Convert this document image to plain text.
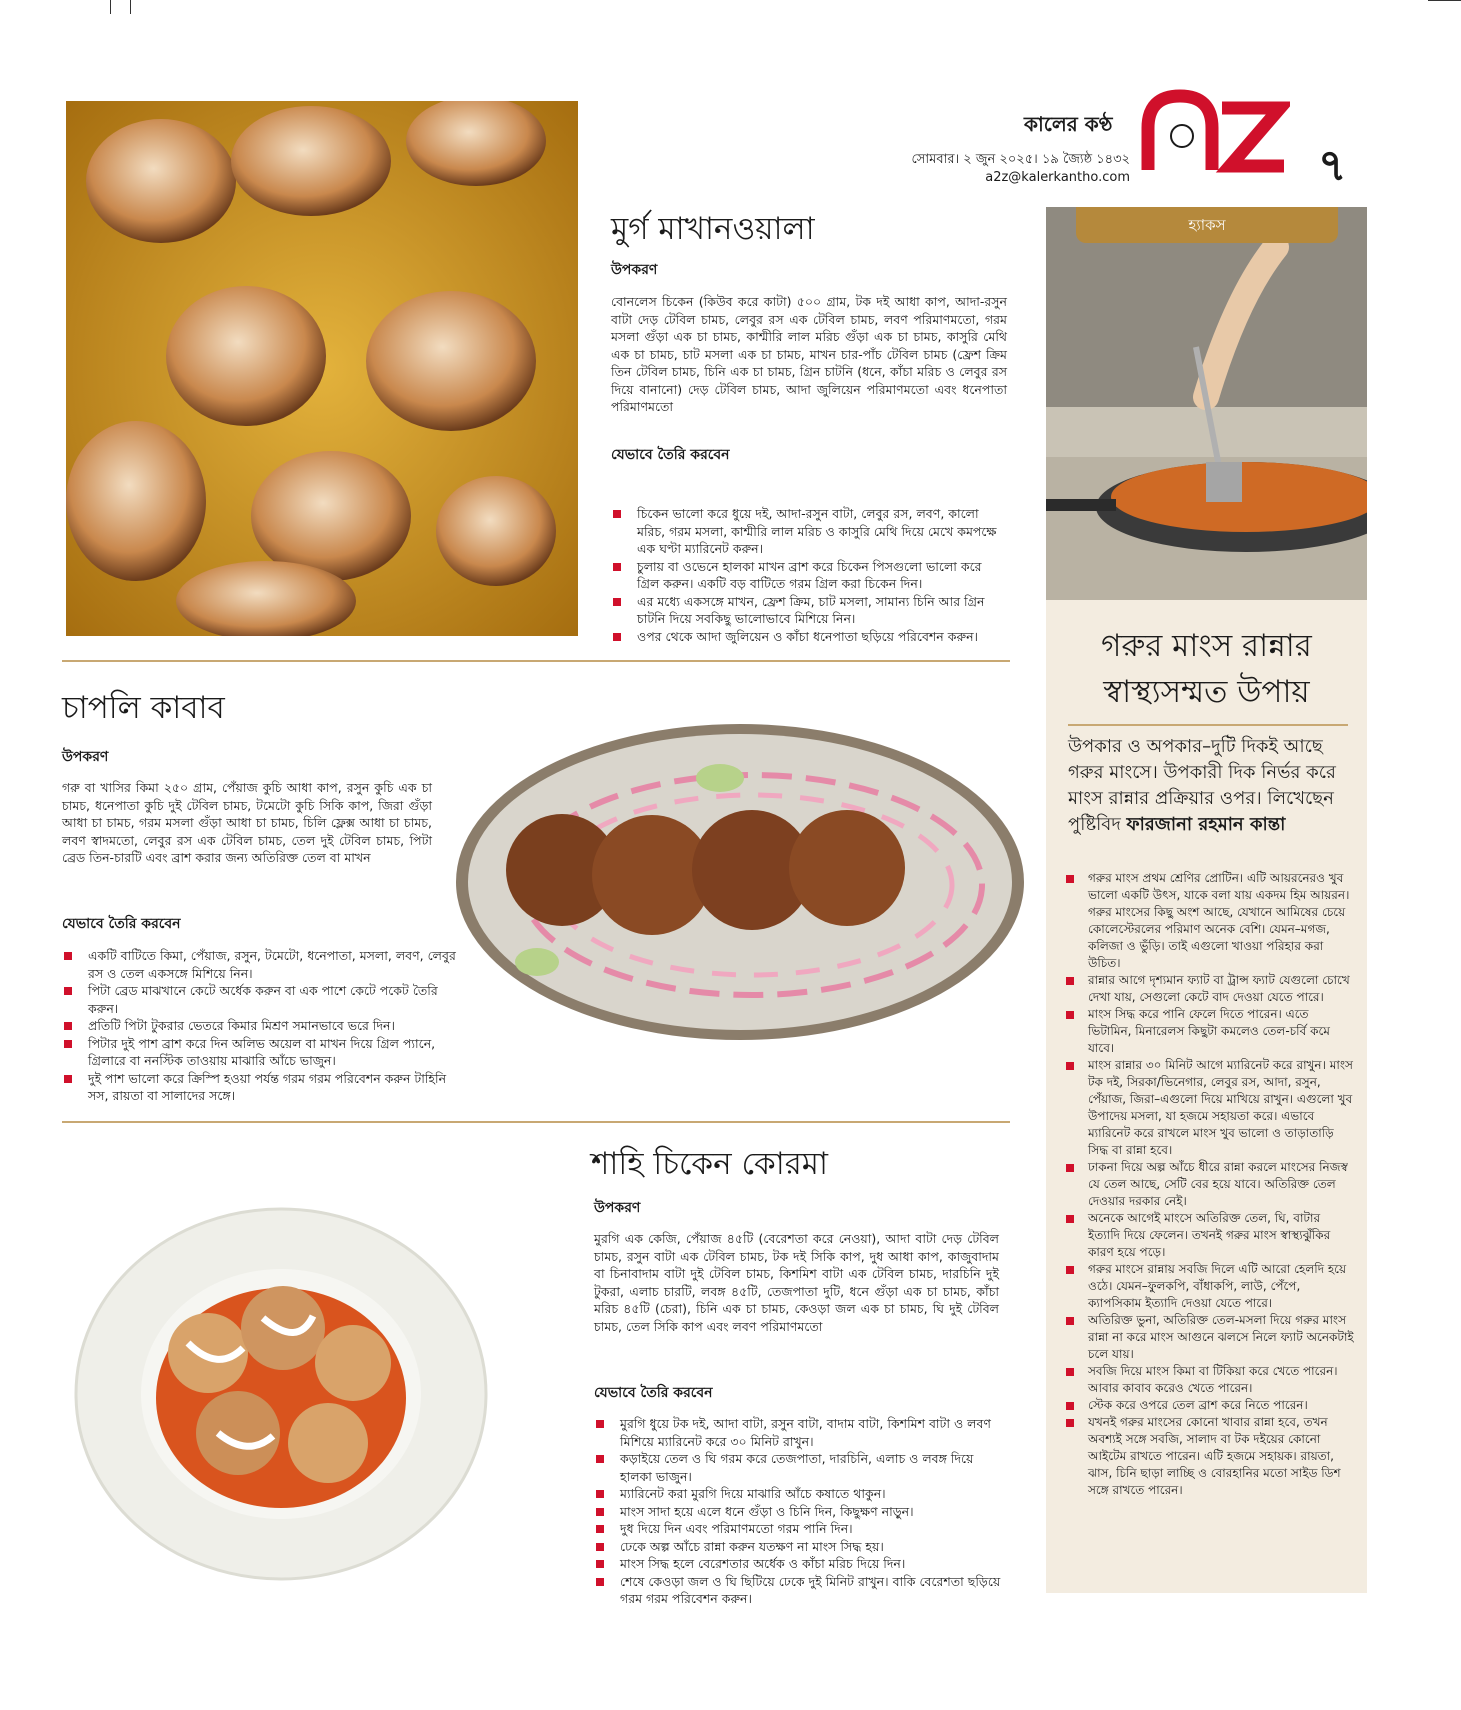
কালের কণ্ঠ
সোমবার। ২ জুন ২০২৫। ১৯ জ্যৈষ্ঠ ১৪৩২
a2z@kalerkantho.com	৭
মুর্গ মাখানওয়ালা
উপকরণ
বোনলেস চিকেন (কিউব করে কাটা) ৫০০ গ্রাম, টক দই আধা কাপ, আদা-রসুন বাটা দেড় টেবিল চামচ, লেবুর রস এক টেবিল চামচ, লবণ পরিমাণমতো, গরম মসলা গুঁড়া এক চা চামচ, কাশ্মীরি লাল মরিচ গুঁড়া এক চা চামচ, কাসুরি মেথি এক চা চামচ, চাট মসলা এক চা চামচ, মাখন চার-পাঁচ টেবিল চামচ (ফ্রেশ ক্রিম তিন টেবিল চামচ, চিনি এক চা চামচ, গ্রিন চাটনি (ধনে, কাঁচা মরিচ ও লেবুর রস দিয়ে বানানো) দেড় টেবিল চামচ, আদা জুলিয়েন পরিমাণমতো এবং ধনেপাতা পরিমাণমতো
যেভাবে তৈরি করবেন
চিকেন ভালো করে ধুয়ে দই, আদা-রসুন বাটা, লেবুর রস, লবণ, কালো মরিচ, গরম মসলা, কাশ্মীরি লাল মরিচ ও কাসুরি মেথি দিয়ে মেখে কমপক্ষে এক ঘণ্টা ম্যারিনেট করুন।
চুলায় বা ওভেনে হালকা মাখন ব্রাশ করে চিকেন পিসগুলো ভালো করে গ্রিল করুন। একটি বড় বাটিতে গরম গ্রিল করা চিকেন দিন।
এর মধ্যে একসঙ্গে মাখন, ফ্রেশ ক্রিম, চাট মসলা, সামান্য চিনি আর গ্রিন চাটনি দিয়ে সবকিছু ভালোভাবে মিশিয়ে নিন।
ওপর থেকে আদা জুলিয়েন ও কাঁচা ধনেপাতা ছড়িয়ে পরিবেশন করুন।
চাপলি কাবাব
উপকরণ
গরু বা খাসির কিমা ২৫০ গ্রাম, পেঁয়াজ কুচি আধা কাপ, রসুন কুচি এক চা চামচ, ধনেপাতা কুচি দুই টেবিল চামচ, টমেটো কুচি সিকি কাপ, জিরা গুঁড়া আধা চা চামচ, গরম মসলা গুঁড়া আধা চা চামচ, চিলি ফ্লেক্স আধা চা চামচ, লবণ স্বাদমতো, লেবুর রস এক টেবিল চামচ, তেল দুই টেবিল চামচ, পিটা ব্রেড তিন-চারটি এবং ব্রাশ করার জন্য অতিরিক্ত তেল বা মাখন
যেভাবে তৈরি করবেন
একটি বাটিতে কিমা, পেঁয়াজ, রসুন, টমেটো, ধনেপাতা, মসলা, লবণ, লেবুর রস ও তেল একসঙ্গে মিশিয়ে নিন।
পিটা ব্রেড মাঝখানে কেটে অর্ধেক করুন বা এক পাশে কেটে পকেট তৈরি করুন।
প্রতিটি পিটা টুকরার ভেতরে কিমার মিশ্রণ সমানভাবে ভরে দিন।
পিটার দুই পাশ ব্রাশ করে দিন অলিভ অয়েল বা মাখন দিয়ে গ্রিল প্যানে, গ্রিলারে বা ননস্টিক তাওয়ায় মাঝারি আঁচে ভাজুন।
দুই পাশ ভালো করে ক্রিস্পি হওয়া পর্যন্ত গরম গরম পরিবেশন করুন টাহিনি সস, রায়তা বা সালাদের সঙ্গে।
শাহি চিকেন কোরমা
উপকরণ
মুরগি এক কেজি, পেঁয়াজ ৪৫টি (বেরেশতা করে নেওয়া), আদা বাটা দেড় টেবিল চামচ, রসুন বাটা এক টেবিল চামচ, টক দই সিকি কাপ, দুধ আধা কাপ, কাজুবাদাম বা চিনাবাদাম বাটা দুই টেবিল চামচ, কিশমিশ বাটা এক টেবিল চামচ, দারচিনি দুই টুকরা, এলাচ চারটি, লবঙ্গ ৪৫টি, তেজপাতা দুটি, ধনে গুঁড়া এক চা চামচ, কাঁচা মরিচ ৪৫টি (চেরা), চিনি এক চা চামচ, কেওড়া জল এক চা চামচ, ঘি দুই টেবিল চামচ, তেল সিকি কাপ এবং লবণ পরিমাণমতো
যেভাবে তৈরি করবেন
মুরগি ধুয়ে টক দই, আদা বাটা, রসুন বাটা, বাদাম বাটা, কিশমিশ বাটা ও লবণ মিশিয়ে ম্যারিনেট করে ৩০ মিনিট রাখুন।
কড়াইয়ে তেল ও ঘি গরম করে তেজপাতা, দারচিনি, এলাচ ও লবঙ্গ দিয়ে হালকা ভাজুন।
ম্যারিনেট করা মুরগি দিয়ে মাঝারি আঁচে কষাতে থাকুন।
মাংস সাদা হয়ে এলে ধনে গুঁড়া ও চিনি দিন, কিছুক্ষণ নাড়ুন।
দুধ দিয়ে দিন এবং পরিমাণমতো গরম পানি দিন।
ঢেকে অল্প আঁচে রান্না করুন যতক্ষণ না মাংস সিদ্ধ হয়।
মাংস সিদ্ধ হলে বেরেশতার অর্ধেক ও কাঁচা মরিচ দিয়ে দিন।
শেষে কেওড়া জল ও ঘি ছিটিয়ে ঢেকে দুই মিনিট রাখুন। বাকি বেরেশতা ছড়িয়ে গরম গরম পরিবেশন করুন।
হ্যাকস
গরুর মাংস রান্নার
স্বাস্থ্যসম্মত উপায়
উপকার ও অপকার–দুটি দিকই আছে গরুর মাংসে। উপকারী দিক নির্ভর করে মাংস রান্নার প্রক্রিয়ার ওপর। লিখেছেন পুষ্টিবিদ ফারজানা রহমান কান্তা
গরুর মাংস প্রথম শ্রেণির প্রোটিন। এটি আয়রনেরও খুব ভালো একটি উৎস, যাকে বলা যায় একদম হিম আয়রন। গরুর মাংসের কিছু অংশ আছে, যেখানে আমিষের চেয়ে কোলেস্টেরলের পরিমাণ অনেক বেশি। যেমন–মগজ, কলিজা ও ভুঁড়ি। তাই এগুলো খাওয়া পরিহার করা উচিত।
রান্নার আগে দৃশ্যমান ফ্যাট বা ট্রান্স ফ্যাট যেগুলো চোখে দেখা যায়, সেগুলো কেটে বাদ দেওয়া যেতে পারে।
মাংস সিদ্ধ করে পানি ফেলে দিতে পারেন। এতে ভিটামিন, মিনারেলস কিছুটা কমলেও তেল-চর্বি কমে যাবে।
মাংস রান্নার ৩০ মিনিট আগে ম্যারিনেট করে রাখুন। মাংস টক দই, সিরকা/ভিনেগার, লেবুর রস, আদা, রসুন, পেঁয়াজ, জিরা–এগুলো দিয়ে মাখিয়ে রাখুন। এগুলো খুব উপাদেয় মসলা, যা হজমে সহায়তা করে। এভাবে ম্যারিনেট করে রাখলে মাংস খুব ভালো ও তাড়াতাড়ি সিদ্ধ বা রান্না হবে।
ঢাকনা দিয়ে অল্প আঁচে ধীরে রান্না করলে মাংসের নিজস্ব যে তেল আছে, সেটি বের হয়ে যাবে। অতিরিক্ত তেল দেওয়ার দরকার নেই।
অনেকে আগেই মাংসে অতিরিক্ত তেল, ঘি, বাটার ইত্যাদি দিয়ে ফেলেন। তখনই গরুর মাংস স্বাস্থ্যঝুঁকির কারণ হয়ে পড়ে।
গরুর মাংসে রান্নায় সবজি দিলে এটি আরো হেলদি হয়ে ওঠে। যেমন–ফুলকপি, বাঁধাকপি, লাউ, পেঁপে, ক্যাপসিকাম ইত্যাদি দেওয়া যেতে পারে।
অতিরিক্ত ভুনা, অতিরিক্ত তেল-মসলা দিয়ে গরুর মাংস রান্না না করে মাংস আগুনে ঝলসে নিলে ফ্যাট অনেকটাই চলে যায়।
সবজি দিয়ে মাংস কিমা বা টিকিয়া করে খেতে পারেন। আবার কাবাব করেও খেতে পারেন।
স্টেক করে ওপরে তেল ব্রাশ করে নিতে পারেন।
যখনই গরুর মাংসের কোনো খাবার রান্না হবে, তখন অবশ্যই সঙ্গে সবজি, সালাদ বা টক দইয়ের কোনো আইটেম রাখতে পারেন। এটি হজমে সহায়ক। রায়তা, ঝাস, চিনি ছাড়া লাচ্ছি ও বোরহানির মতো সাইড ডিশ সঙ্গে রাখতে পারেন।
